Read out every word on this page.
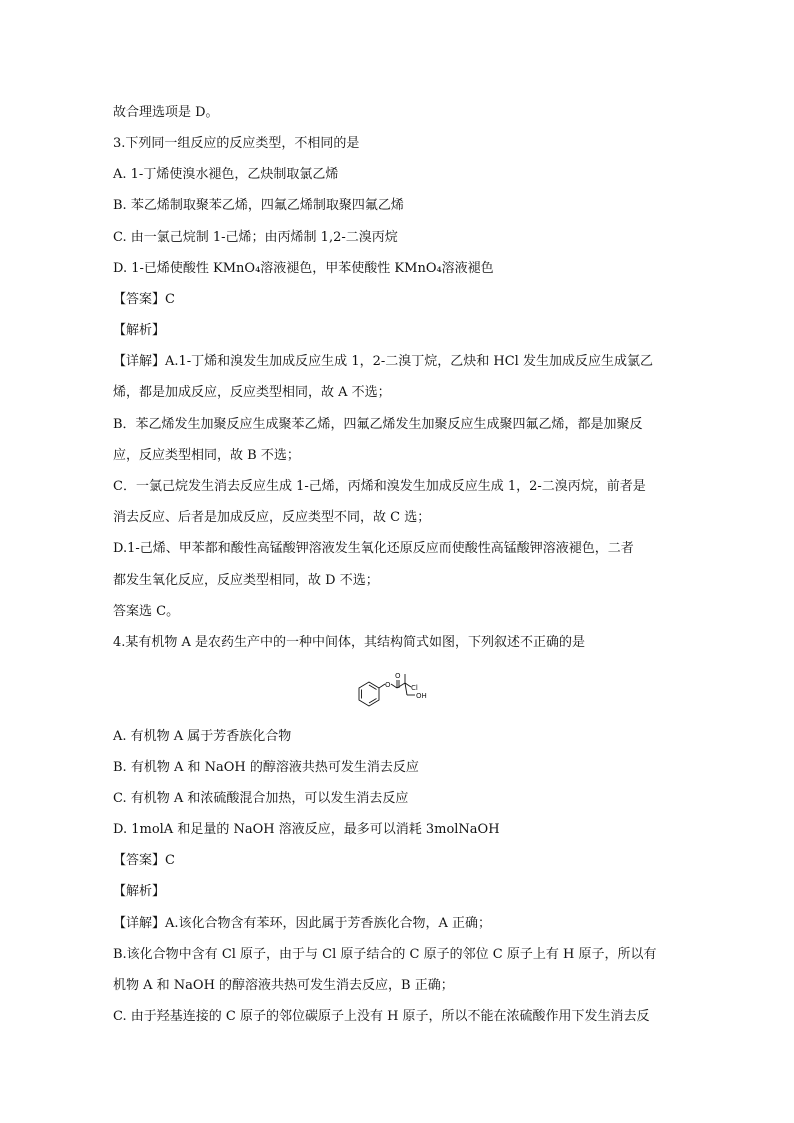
故合理选项是 D。
3.下列同一组反应的反应类型，不相同的是
A. 1-丁烯使溴水褪色，乙炔制取氯乙烯
B. 苯乙烯制取聚苯乙烯，四氟乙烯制取聚四氟乙烯
C. 由一氯己烷制 1-己烯；由丙烯制 1,2-二溴丙烷
D. 1-已烯使酸性 KMnO₄溶液褪色，甲苯使酸性 KMnO₄溶液褪色
【答案】C
【解析】
【详解】A.1-丁烯和溴发生加成反应生成 1，2-二溴丁烷，乙炔和 HCl 发生加成反应生成氯乙
烯，都是加成反应，反应类型相同，故 A 不选；
B．苯乙烯发生加聚反应生成聚苯乙烯，四氟乙烯发生加聚反应生成聚四氟乙烯，都是加聚反
应，反应类型相同，故 B 不选；
C．一氯己烷发生消去反应生成 1-己烯，丙烯和溴发生加成反应生成 1，2-二溴丙烷，前者是
消去反应、后者是加成反应，反应类型不同，故 C 选；
D.1-己烯、甲苯都和酸性高锰酸钾溶液发生氧化还原反应而使酸性高锰酸钾溶液褪色，二者
都发生氧化反应，反应类型相同，故 D 不选；
答案选 C。
4.某有机物 A 是农药生产中的一种中间体，其结构简式如图，下列叙述不正确的是
O
O
Cl
OH
A. 有机物 A 属于芳香族化合物
B. 有机物 A 和 NaOH 的醇溶液共热可发生消去反应
C. 有机物 A 和浓硫酸混合加热，可以发生消去反应
D. 1molA 和足量的 NaOH 溶液反应，最多可以消耗 3molNaOH
【答案】C
【解析】
【详解】A.该化合物含有苯环，因此属于芳香族化合物，A 正确；
B.该化合物中含有 Cl 原子，由于与 Cl 原子结合的 C 原子的邻位 C 原子上有 H 原子，所以有
机物 A 和 NaOH 的醇溶液共热可发生消去反应，B 正确；
C. 由于羟基连接的 C 原子的邻位碳原子上没有 H 原子，所以不能在浓硫酸作用下发生消去反
